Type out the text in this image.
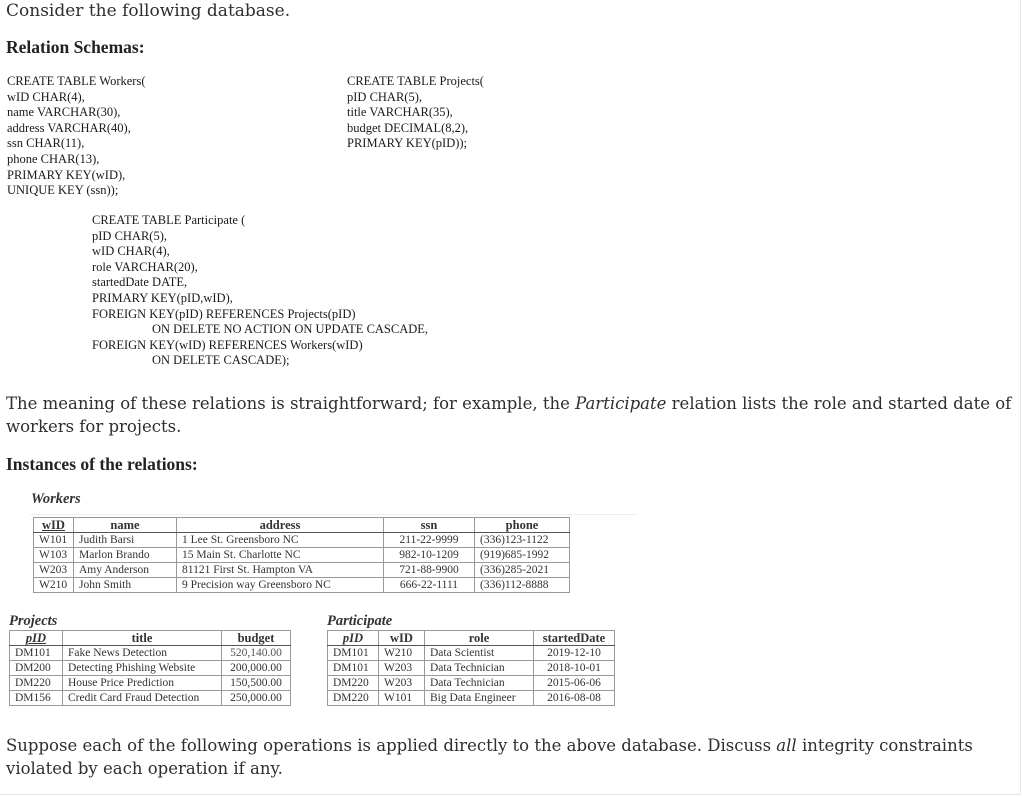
Consider the following database.
Relation Schemas:
CREATE TABLE Workers(
wID CHAR(4),
name VARCHAR(30),
address VARCHAR(40),
ssn CHAR(11),
phone CHAR(13),
PRIMARY KEY(wID),
UNIQUE KEY (ssn));
CREATE TABLE Projects(
pID CHAR(5),
title VARCHAR(35),
budget DECIMAL(8,2),
PRIMARY KEY(pID));
CREATE TABLE Participate (
pID CHAR(5),
wID CHAR(4),
role VARCHAR(20),
startedDate DATE,
PRIMARY KEY(pID,wID),
FOREIGN KEY(pID) REFERENCES Projects(pID)
ON DELETE NO ACTION ON UPDATE CASCADE,
FOREIGN KEY(wID) REFERENCES Workers(wID)
ON DELETE CASCADE);
The meaning of these relations is straightforward; for example, the Participate relation lists the role and started date of workers for projects.
Instances of the relations:
Workers
wID	name	address	ssn	phone
W101	Judith Barsi	1 Lee St. Greensboro NC	211-22-9999	(336)123-1122
W103	Marlon Brando	15 Main St. Charlotte NC	982-10-1209	(919)685-1992
W203	Amy Anderson	81121 First St. Hampton VA	721-88-9900	(336)285-2021
W210	John Smith	9 Precision way Greensboro NC	666-22-1111	(336)112-8888
Projects
pID	title	budget
DM101	Fake News Detection	520,140.00
DM200	Detecting Phishing Website	200,000.00
DM220	House Price Prediction	150,500.00
DM156	Credit Card Fraud Detection	250,000.00
Participate
pID	wID	role	startedDate
DM101	W210	Data Scientist	2019-12-10
DM101	W203	Data Technician	2018-10-01
DM220	W203	Data Technician	2015-06-06
DM220	W101	Big Data Engineer	2016-08-08
Suppose each of the following operations is applied directly to the above database. Discuss all integrity constraints violated by each operation if any.
